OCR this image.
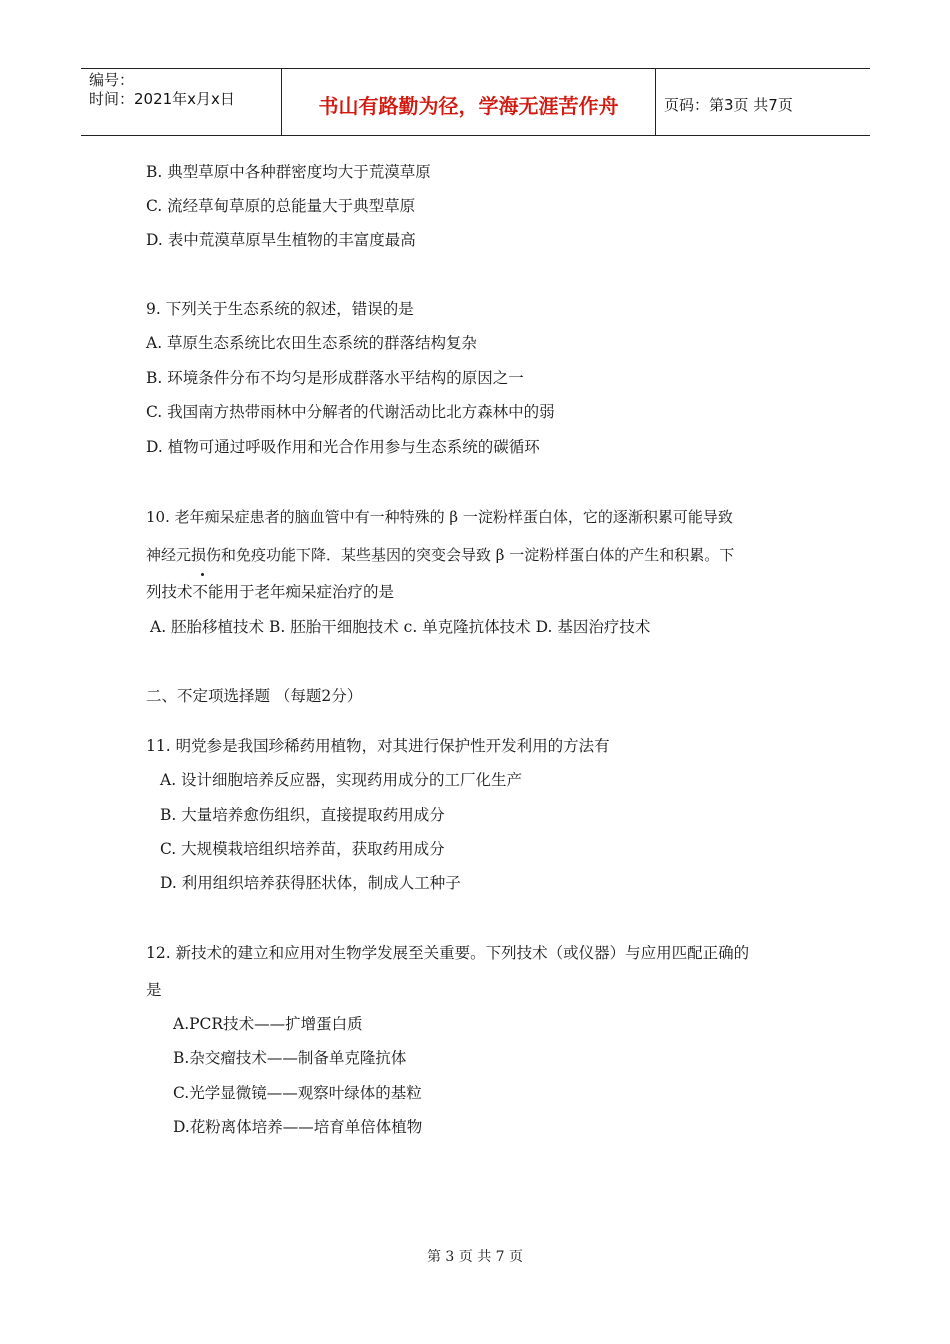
编号：
时间：2021年x月x日	书山有路勤为径，学海无涯苦作舟	页码：第3页 共7页
B. 典型草原中各种群密度均大于荒漠草原
C. 流经草甸草原的总能量大于典型草原
D. 表中荒漠草原旱生植物的丰富度最高
9. 下列关于生态系统的叙述，错误的是
A. 草原生态系统比农田生态系统的群落结构复杂
B. 环境条件分布不均匀是形成群落水平结构的原因之一
C. 我国南方热带雨林中分解者的代谢活动比北方森林中的弱
D. 植物可通过呼吸作用和光合作用参与生态系统的碳循环
10. 老年痴呆症患者的脑血管中有一种特殊的 β 一淀粉样蛋白体，它的逐渐积累可能导致
神经元损伤和免疫功能下降．某些基因的突变会导致 β 一淀粉样蛋白体的产生和积累。下
列技术不能用于老年痴呆症治疗的是
A. 胚胎移植技术 B. 胚胎干细胞技术 c. 单克隆抗体技术 D. 基因治疗技术
二、不定项选择题 （每题2分）
11. 明党参是我国珍稀药用植物，对其进行保护性开发利用的方法有
A. 设计细胞培养反应器，实现药用成分的工厂化生产
B. 大量培养愈伤组织，直接提取药用成分
C. 大规模栽培组织培养苗，获取药用成分
D. 利用组织培养获得胚状体，制成人工种子
12. 新技术的建立和应用对生物学发展至关重要。下列技术（或仪器）与应用匹配正确的
是
A.PCR技术——扩增蛋白质
B.杂交瘤技术——制备单克隆抗体
C.光学显微镜——观察叶绿体的基粒
D.花粉离体培养——培育单倍体植物
第 3 页 共 7 页
